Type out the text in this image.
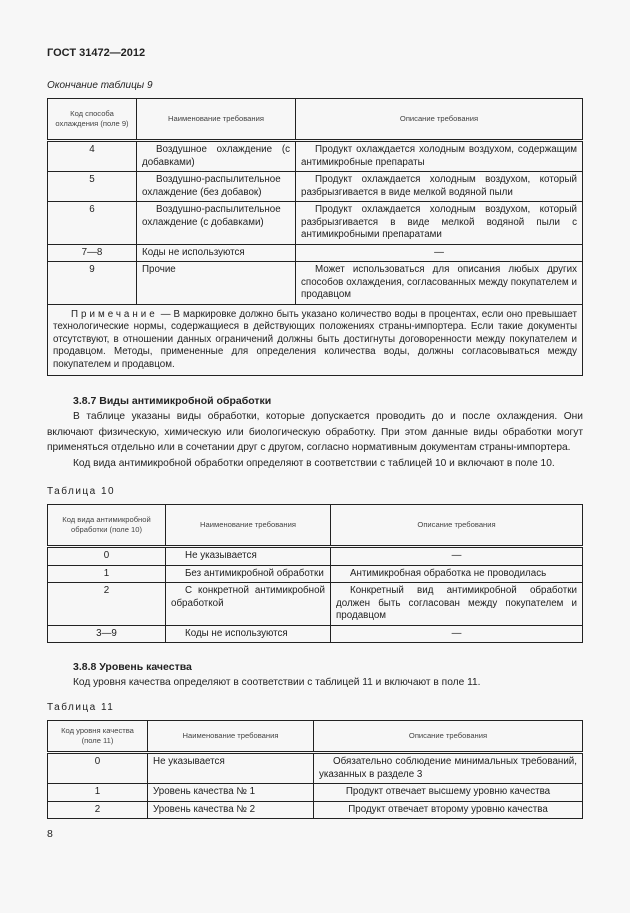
ГОСТ 31472—2012
Окончание таблицы 9
Код способа охлаждения (поле 9)	Наименование требования	Описание требования
4	Воздушное охлаждение (с добавками)	Продукт охлаждается холодным воздухом, содержащим антимикробные препараты
5	Воздушно-распылительное охлаждение (без добавок)	Продукт охлаждается холодным воздухом, который разбрызгивается в виде мелкой водяной пыли
6	Воздушно-распылительное охлаждение (с добавками)	Продукт охлаждается холодным воздухом, который разбрызгивается в виде мелкой водяной пыли с антимикробными препаратами
7—8	Коды не используются	—
9	Прочие	Может использоваться для описания любых других способов охлаждения, согласованных между покупателем и продавцом
Примечание — В маркировке должно быть указано количество воды в процентах, если оно превышает технологические нормы, содержащиеся в действующих положениях страны-импортера. Если такие документы отсутствуют, в отношении данных ограничений должны быть достигнуты договоренности между покупателем и продавцом. Методы, примененные для определения количества воды, должны согласовываться между покупателем и продавцом.		
3.8.7 Виды антимикробной обработки

В таблице указаны виды обработки, которые допускается проводить до и после охлаждения. Они включают физическую, химическую или биологическую обработку. При этом данные виды обработки могут применяться отдельно или в сочетании друг с другом, согласно нормативным документам страны-импортера.

Код вида антимикробной обработки определяют в соответствии с таблицей 10 и включают в поле 10.

Таблица 10
Код вида антимикробной обработки (поле 10)	Наименование требования	Описание требования
0	Не указывается	—
1	Без антимикробной обработки	Антимикробная обработка не проводилась
2	С конкретной антимикробной обработкой	Конкретный вид антимикробной обработки должен быть согласован между покупателем и продавцом
3—9	Коды не используются	—
3.8.8 Уровень качества

Код уровня качества определяют в соответствии с таблицей 11 и включают в поле 11.

Таблица 11
Код уровня качества (поле 11)	Наименование требования	Описание требования
0	Не указывается	Обязательно соблюдение минимальных требований, указанных в разделе 3
1	Уровень качества № 1	Продукт отвечает высшему уровню качества
2	Уровень качества № 2	Продукт отвечает второму уровню качества
8
